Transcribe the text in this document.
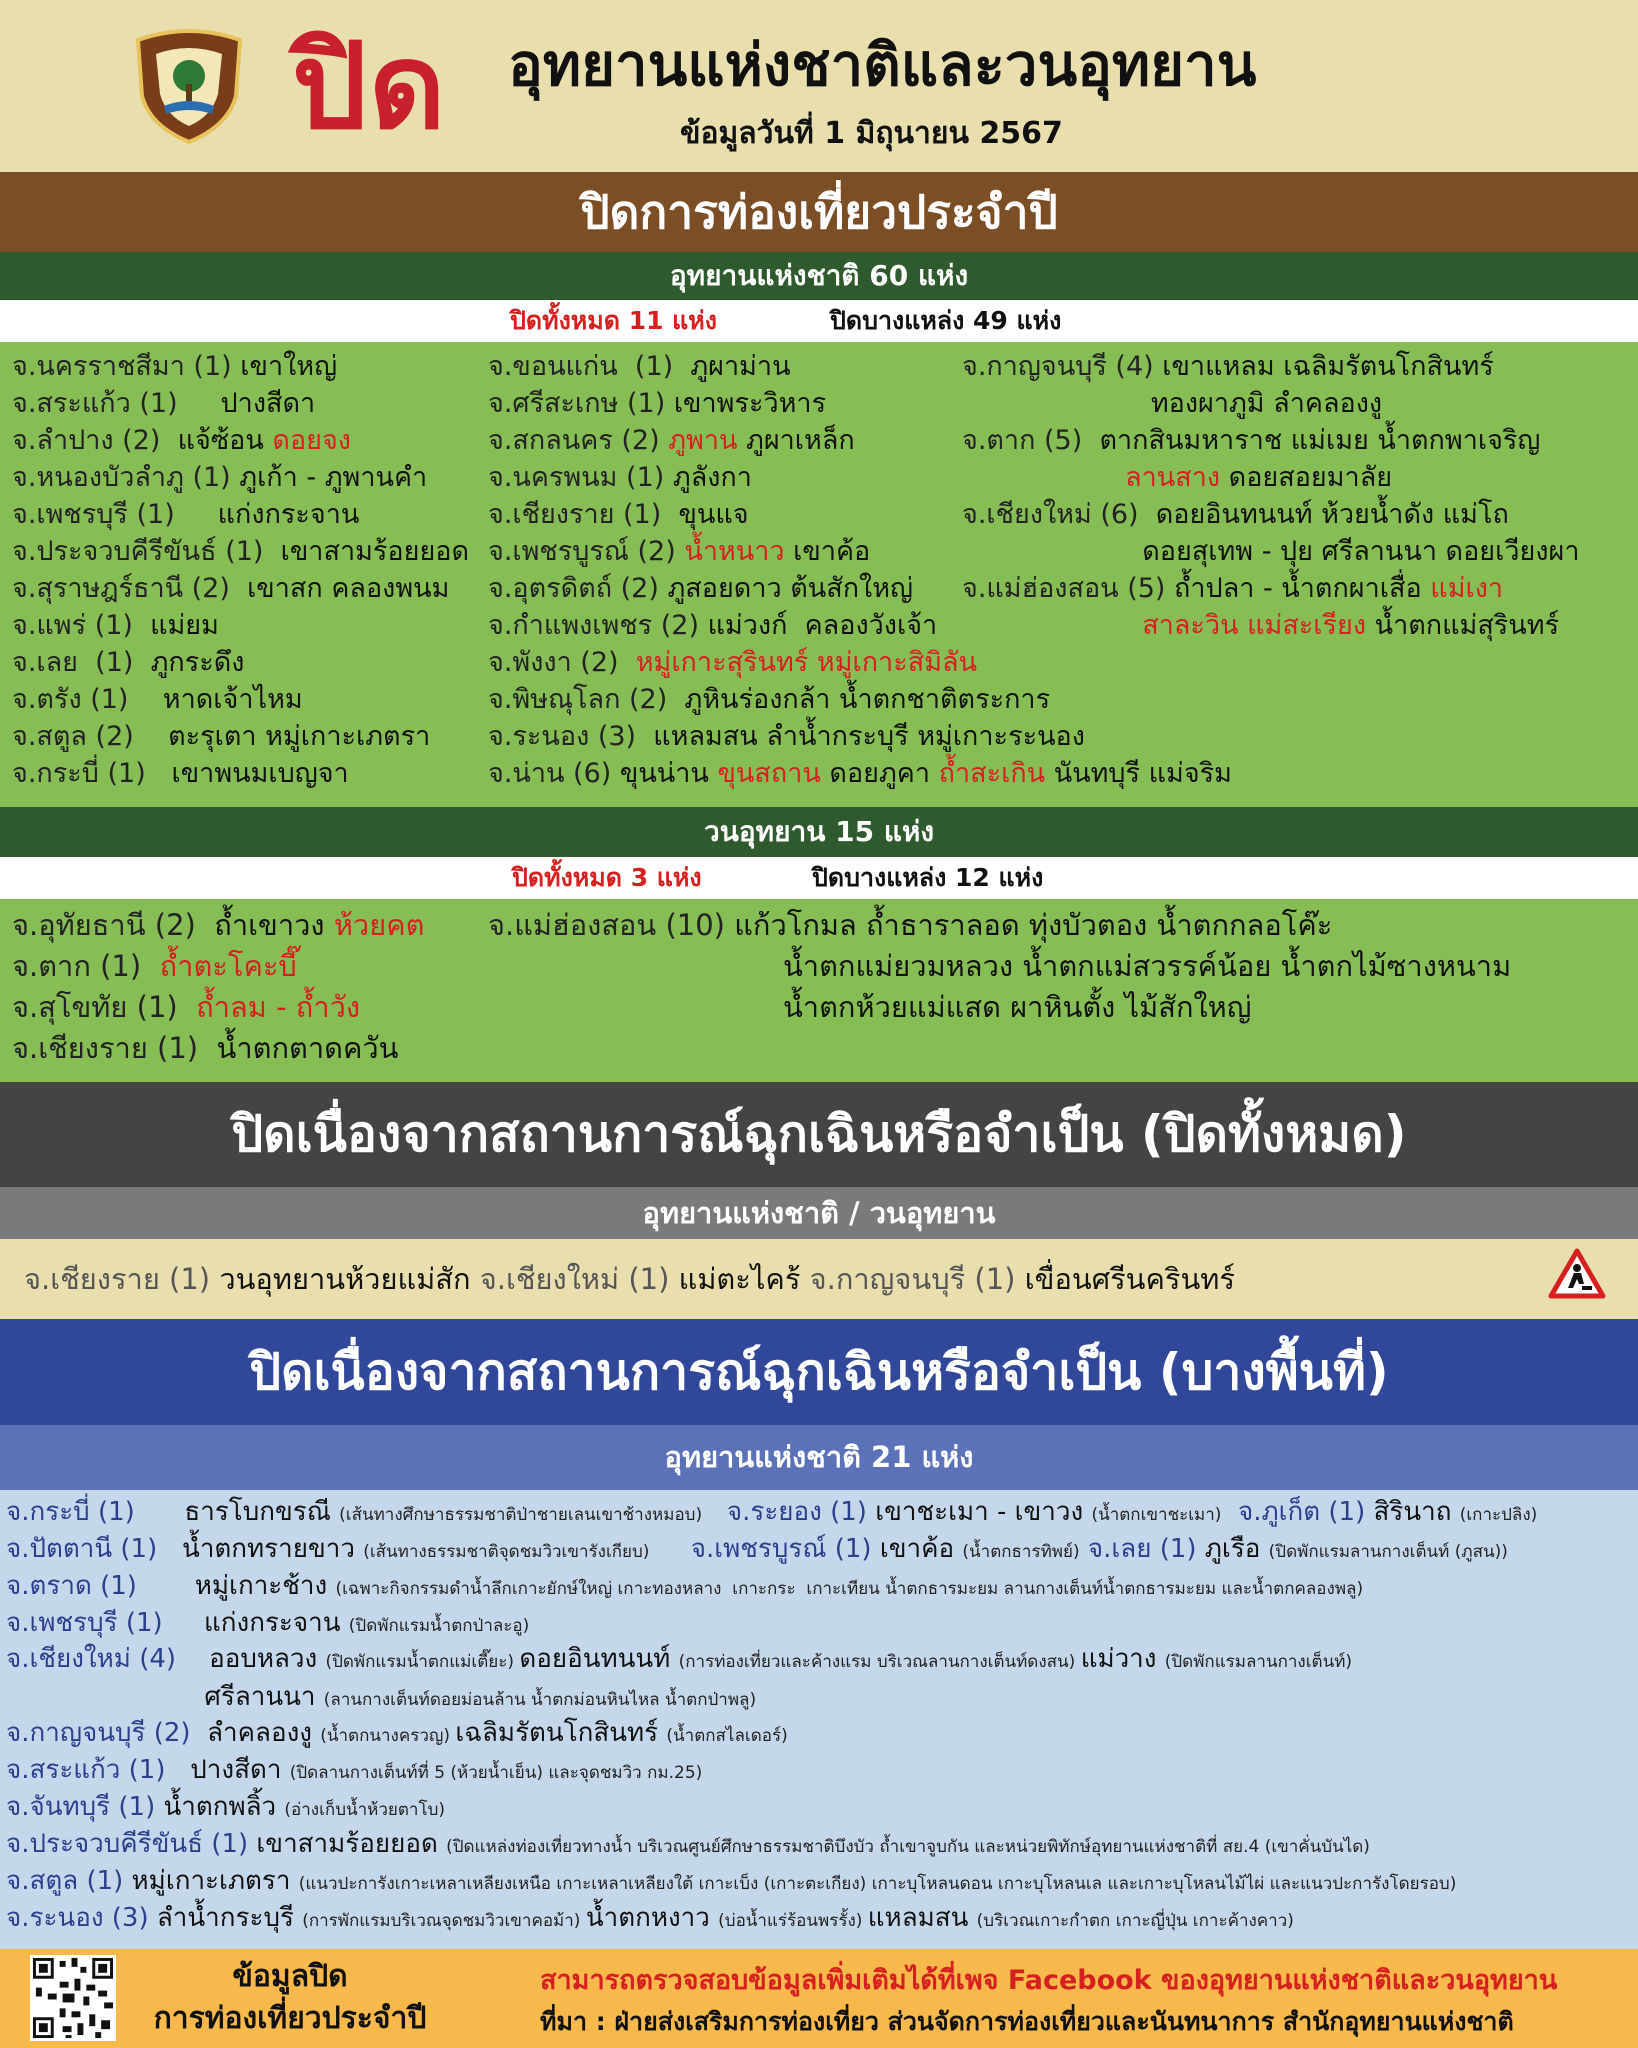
ปิด อุทยานแห่งชาติและวนอุทยาน
ข้อมูลวันที่ 1 มิถุนายน 2567
ปิดการท่องเที่ยวประจำปี
อุทยานแห่งชาติ 60 แห่ง
ปิดทั้งหมด 11 แห่ง	ปิดบางแหล่ง 49 แห่ง
จ.นครราชสีมา (1) เขาใหญ่
จ.สระแก้ว (1)     ปางสีดา
จ.ลำปาง (2)  แจ้ซ้อน ดอยจง
จ.หนองบัวลำภู (1) ภูเก้า - ภูพานคำ
จ.เพชรบุรี (1)     แก่งกระจาน
จ.ประจวบคีรีขันธ์ (1)  เขาสามร้อยยอด
จ.สุราษฎร์ธานี (2)  เขาสก คลองพนม
จ.แพร่ (1)  แม่ยม
จ.เลย  (1)  ภูกระดึง
จ.ตรัง (1)    หาดเจ้าไหม
จ.สตูล (2)    ตะรุเตา หมู่เกาะเภตรา
จ.กระบี่ (1)   เขาพนมเบญจา
จ.ขอนแก่น  (1)  ภูผาม่าน
จ.ศรีสะเกษ (1) เขาพระวิหาร
จ.สกลนคร (2) ภูพาน ภูผาเหล็ก
จ.นครพนม (1) ภูลังกา
จ.เชียงราย (1)  ขุนแจ
จ.เพชรบูรณ์ (2) น้ำหนาว เขาค้อ
จ.อุตรดิตถ์ (2) ภูสอยดาว ต้นสักใหญ่
จ.กำแพงเพชร (2) แม่วงก์  คลองวังเจ้า
จ.พังงา (2)  หมู่เกาะสุรินทร์ หมู่เกาะสิมิลัน
จ.พิษณุโลก (2)  ภูหินร่องกล้า น้ำตกชาติตระการ
จ.ระนอง (3)  แหลมสน ลำน้ำกระบุรี หมู่เกาะระนอง
จ.น่าน (6) ขุนน่าน ขุนสถาน ดอยภูคา ถ้ำสะเกิน นันทบุรี แม่จริม
จ.กาญจนบุรี (4) เขาแหลม เฉลิมรัตนโกสินทร์
ทองผาภูมิ ลำคลองงู
จ.ตาก (5)  ตากสินมหาราช แม่เมย น้ำตกพาเจริญ
ลานสาง ดอยสอยมาลัย
จ.เชียงใหม่ (6)  ดอยอินทนนท์ ห้วยน้ำดัง แม่โถ
ดอยสุเทพ - ปุย ศรีลานนา ดอยเวียงผา
จ.แม่ฮ่องสอน (5) ถ้ำปลา - น้ำตกผาเสื่อ แม่เงา
สาละวิน แม่สะเรียง น้ำตกแม่สุรินทร์
วนอุทยาน 15 แห่ง
ปิดทั้งหมด 3 แห่ง	ปิดบางแหล่ง 12 แห่ง
จ.อุทัยธานี (2)  ถ้ำเขาวง ห้วยคต
จ.ตาก (1)  ถ้ำตะโคะบี๊
จ.สุโขทัย (1)  ถ้ำลม - ถ้ำวัง
จ.เชียงราย (1)  น้ำตกตาดควัน
จ.แม่ฮ่องสอน (10) แก้วโกมล ถ้ำธาราลอด ทุ่งบัวตอง น้ำตกกลอโค๊ะ
น้ำตกแม่ยวมหลวง น้ำตกแม่สวรรค์น้อย น้ำตกไม้ซางหนาม
น้ำตกห้วยแม่แสด ผาหินตั้ง ไม้สักใหญ่
ปิดเนื่องจากสถานการณ์ฉุกเฉินหรือจำเป็น (ปิดทั้งหมด)
อุทยานแห่งชาติ / วนอุทยาน
จ.เชียงราย (1) วนอุทยานห้วยแม่สัก จ.เชียงใหม่ (1) แม่ตะไคร้ จ.กาญจนบุรี (1) เขื่อนศรีนครินทร์
ปิดเนื่องจากสถานการณ์ฉุกเฉินหรือจำเป็น (บางพื้นที่)
อุทยานแห่งชาติ 21 แห่ง
จ.กระบี่ (1)      ธารโบกขรณี (เส้นทางศึกษาธรรมชาติป่าชายเลนเขาช้างหมอบ)   จ.ระยอง (1) เขาชะเมา - เขาวง (น้ำตกเขาชะเมา)  จ.ภูเก็ต (1) สิรินาถ (เกาะปลิง)
จ.ปัตตานี (1)   น้ำตกทรายขาว (เส้นทางธรรมชาติจุดชมวิวเขารังเกียบ)     จ.เพชรบูรณ์ (1) เขาค้อ (น้ำตกธารทิพย์) จ.เลย (1) ภูเรือ (ปิดพักแรมลานกางเต็นท์ (ภูสน))
จ.ตราด (1)       หมู่เกาะช้าง (เฉพาะกิจกรรมดำน้ำลึกเกาะยักษ์ใหญ่ เกาะทองหลาง  เกาะกระ  เกาะเทียน น้ำตกธารมะยม ลานกางเต็นท์น้ำตกธารมะยม และน้ำตกคลองพลู)
จ.เพชรบุรี (1)     แก่งกระจาน (ปิดพักแรมน้ำตกป่าละอู)
จ.เชียงใหม่ (4)    ออบหลวง (ปิดพักแรมน้ำตกแม่เตี๊ยะ) ดอยอินทนนท์ (การท่องเที่ยวและค้างแรม บริเวณลานกางเต็นท์ดงสน) แม่วาง (ปิดพักแรมลานกางเต็นท์)
ศรีลานนา (ลานกางเต็นท์ดอยม่อนล้าน น้ำตกม่อนหินไหล น้ำตกป่าพลู)
จ.กาญจนบุรี (2)  ลำคลองงู (น้ำตกนางครวญ) เฉลิมรัตนโกสินทร์ (น้ำตกสไลเดอร์)
จ.สระแก้ว (1)   ปางสีดา (ปิดลานกางเต็นท์ที่ 5 (ห้วยน้ำเย็น) และจุดชมวิว กม.25)
จ.จันทบุรี (1) น้ำตกพลิ้ว (อ่างเก็บน้ำห้วยตาโบ)
จ.ประจวบคีรีขันธ์ (1) เขาสามร้อยยอด (ปิดแหล่งท่องเที่ยวทางน้ำ บริเวณศูนย์ศึกษาธรรมชาติบึงบัว ถ้ำเขาจูบกัน และหน่วยพิทักษ์อุทยานแห่งชาติที่ สย.4 (เขาคั่นบันได)
จ.สตูล (1) หมู่เกาะเภตรา (แนวปะการังเกาะเหลาเหลียงเหนือ เกาะเหลาเหลียงใต้ เกาะเบ็ง (เกาะตะเกียง) เกาะบุโหลนดอน เกาะบุโหลนเล และเกาะบุโหลนไม้ไผ่ และแนวปะการังโดยรอบ)
จ.ระนอง (3) ลำน้ำกระบุรี (การพักแรมบริเวณจุดชมวิวเขาคอม้า) น้ำตกหงาว (บ่อน้ำแร่ร้อนพรรั้ง) แหลมสน (บริเวณเกาะกำตก เกาะญี่ปุ่น เกาะค้างคาว)
ข้อมูลปิด
การท่องเที่ยวประจำปี
สามารถตรวจสอบข้อมูลเพิ่มเติมได้ที่เพจ Facebook ของอุทยานแห่งชาติและวนอุทยาน
ที่มา : ฝ่ายส่งเสริมการท่องเที่ยว ส่วนจัดการท่องเที่ยวและนันทนาการ สำนักอุทยานแห่งชาติ
